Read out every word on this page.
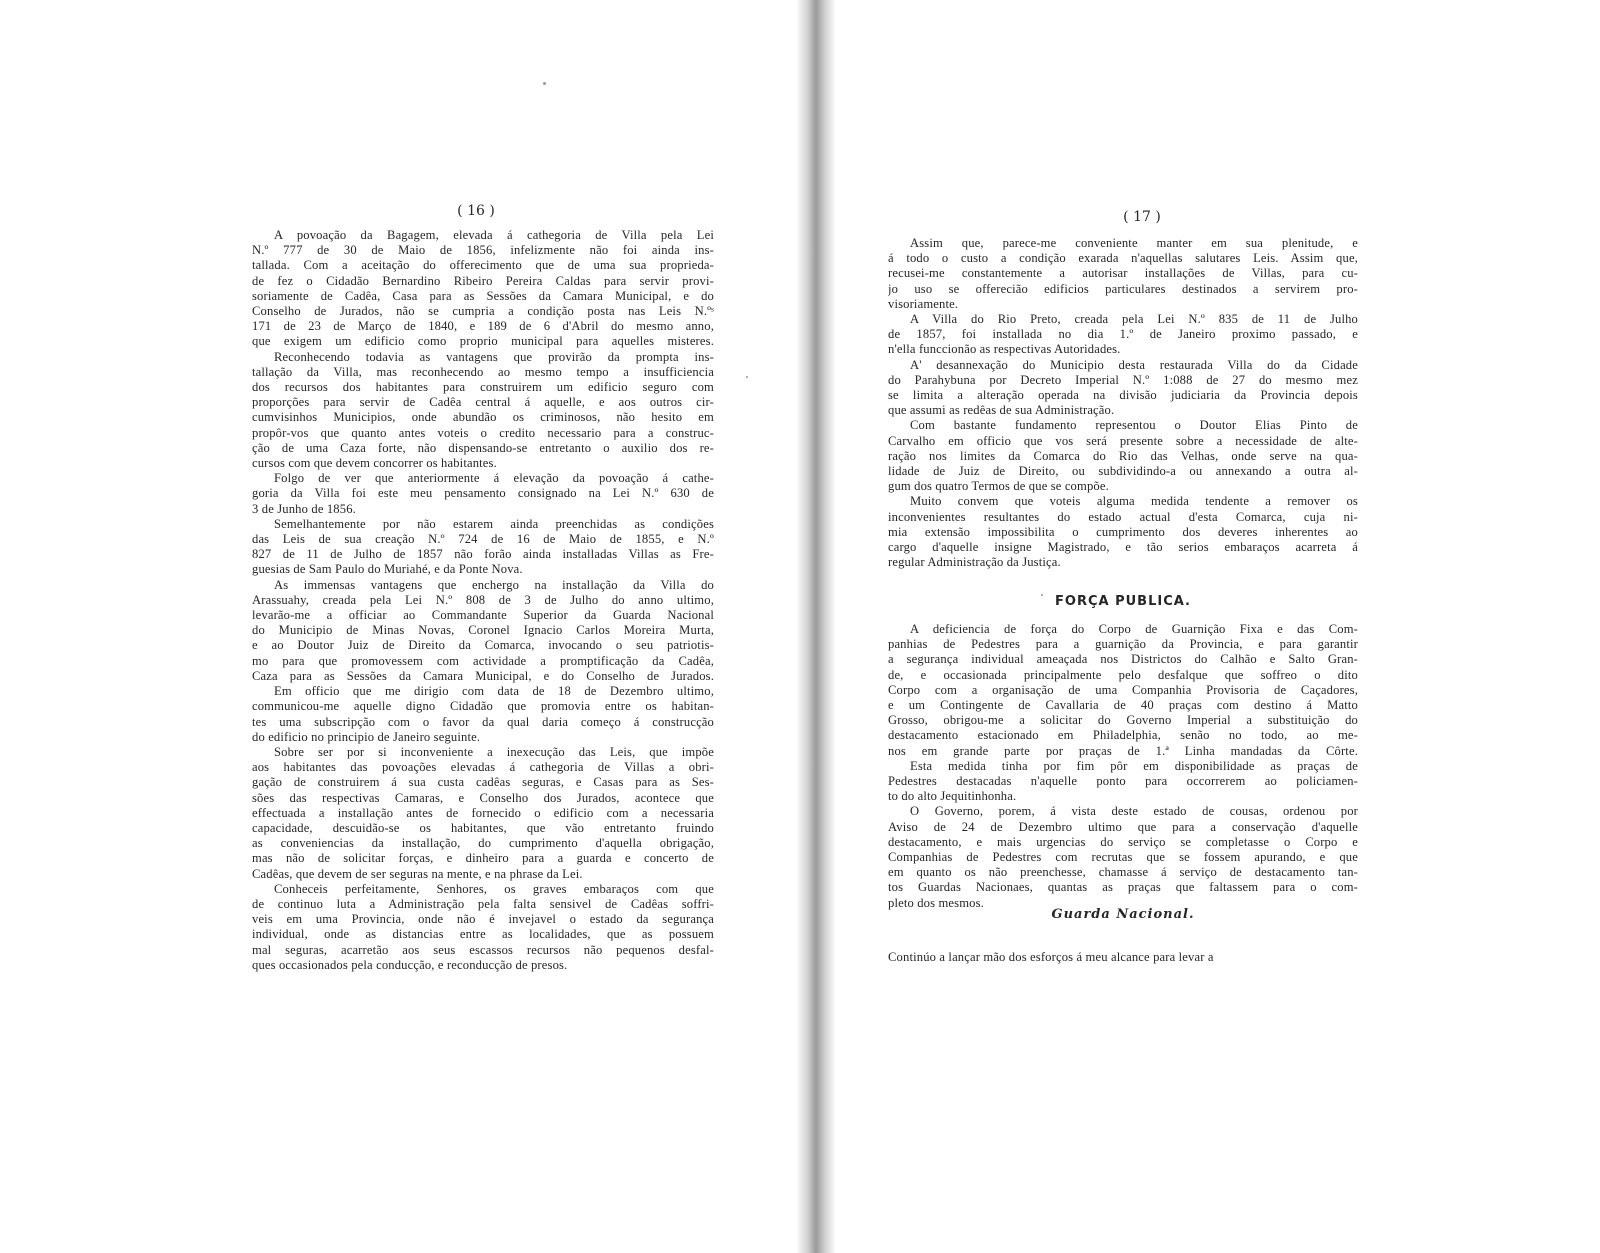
( 16 )
A povoação da Bagagem, elevada á cathegoria de Villa pela Lei
N.º 777 de 30 de Maio de 1856, infelizmente não foi ainda ins-
tallada. Com a aceitação do offerecimento que de uma sua proprieda-
de fez o Cidadão Bernardino Ribeiro Pereira Caldas para servir provi-
soriamente de Cadêa, Casa para as Sessões da Camara Municipal, e do
Conselho de Jurados, não se cumpria a condição posta nas Leis N.ºˢ
171 de 23 de Março de 1840, e 189 de 6 d'Abril do mesmo anno,
que exigem um edificio como proprio municipal para aquelles misteres.
Reconhecendo todavia as vantagens que provirão da prompta ins-
tallação da Villa, mas reconhecendo ao mesmo tempo a insufficiencia
dos recursos dos habitantes para construirem um edificio seguro com
proporções para servir de Cadêa central á aquelle, e aos outros cir-
cumvisinhos Municipios, onde abundão os criminosos, não hesito em
propôr-vos que quanto antes voteis o credito necessario para a construc-
ção de uma Caza forte, não dispensando-se entretanto o auxilio dos re-
cursos com que devem concorrer os habitantes.
Folgo de ver que anteriormente á elevação da povoação á cathe-
goria da Villa foi este meu pensamento consignado na Lei N.º 630 de
3 de Junho de 1856.
Semelhantemente por não estarem ainda preenchidas as condições
das Leis de sua creação N.º 724 de 16 de Maio de 1855, e N.º
827 de 11 de Julho de 1857 não forão ainda installadas Villas as Fre-
guesias de Sam Paulo do Muriahé, e da Ponte Nova.
As immensas vantagens que enchergo na installação da Villa do
Arassuahy, creada pela Lei N.º 808 de 3 de Julho do anno ultimo,
levarão-me a officiar ao Commandante Superior da Guarda Nacional
do Municipio de Minas Novas, Coronel Ignacio Carlos Moreira Murta,
e ao Doutor Juiz de Direito da Comarca, invocando o seu patriotis-
mo para que promovessem com actividade a promptificação da Cadêa,
Caza para as Sessões da Camara Municipal, e do Conselho de Jurados.
Em officio que me dirigio com data de 18 de Dezembro ultimo,
communicou-me aquelle digno Cidadão que promovia entre os habitan-
tes uma subscripção com o favor da qual daria começo á construcção
do edificio no principio de Janeiro seguinte.
Sobre ser por si inconveniente a inexecução das Leis, que impõe
aos habitantes das povoações elevadas á cathegoria de Villas a obri-
gação de construirem á sua custa cadêas seguras, e Casas para as Ses-
sões das respectivas Camaras, e Conselho dos Jurados, acontece que
effectuada a installação antes de fornecido o edificio com a necessaria
capacidade, descuidão-se os habitantes, que vão entretanto fruindo
as conveniencias da installação, do cumprimento d'aquella obrigação,
mas não de solicitar forças, e dinheiro para a guarda e concerto de
Cadêas, que devem de ser seguras na mente, e na phrase da Lei.
Conheceis perfeitamente, Senhores, os graves embaraços com que
de continuo luta a Administração pela falta sensivel de Cadêas soffri-
veis em uma Provincia, onde não é invejavel o estado da segurança
individual, onde as distancias entre as localidades, que as possuem
mal seguras, acarretão aos seus escassos recursos não pequenos desfal-
ques occasionados pela conducção, e reconducção de presos.
( 17 )
Assim que, parece-me conveniente manter em sua plenitude, e
á todo o custo a condição exarada n'aquellas salutares Leis. Assim que,
recusei-me constantemente a autorisar installações de Villas, para cu-
jo uso se offerecião edificios particulares destinados a servirem pro-
visoriamente.
A Villa do Rio Preto, creada pela Lei N.º 835 de 11 de Julho
de 1857, foi installada no dia 1.º de Janeiro proximo passado, e
n'ella funccionão as respectivas Autoridades.
A' desannexação do Municipio desta restaurada Villa do da Cidade
do Parahybuna por Decreto Imperial N.º 1:088 de 27 do mesmo mez
se limita a alteração operada na divisão judiciaria da Provincia depois
que assumi as redêas de sua Administração.
Com bastante fundamento representou o Doutor Elias Pinto de
Carvalho em officio que vos será presente sobre a necessidade de alte-
ração nos limites da Comarca do Rio das Velhas, onde serve na qua-
lidade de Juiz de Direito, ou subdividindo-a ou annexando a outra al-
gum dos quatro Termos de que se compõe.
Muito convem que voteis alguma medida tendente a remover os
inconvenientes resultantes do estado actual d'esta Comarca, cuja ni-
mia extensão impossibilita o cumprimento dos deveres inherentes ao
cargo d'aquelle insigne Magistrado, e tão serios embaraços acarreta á
regular Administração da Justiça.
FORÇA PUBLICA.
A deficiencia de força do Corpo de Guarnição Fixa e das Com-
panhias de Pedestres para a guarnição da Provincia, e para garantir
a segurança individual ameaçada nos Districtos do Calhão e Salto Gran-
de, e occasionada principalmente pelo desfalque que soffreo o dito
Corpo com a organisação de uma Companhia Provisoria de Caçadores,
e um Contingente de Cavallaria de 40 praças com destino á Matto
Grosso, obrigou-me a solicitar do Governo Imperial a substituição do
destacamento estacionado em Philadelphia, senão no todo, ao me-
nos em grande parte por praças de 1.ª Linha mandadas da Côrte.
Esta medida tinha por fim pôr em disponibilidade as praças de
Pedestres destacadas n'aquelle ponto para occorrerem ao policiamen-
to do alto Jequitinhonha.
O Governo, porem, á vista deste estado de cousas, ordenou por
Aviso de 24 de Dezembro ultimo que para a conservação d'aquelle
destacamento, e mais urgencias do serviço se completasse o Corpo e
Companhias de Pedestres com recrutas que se fossem apurando, e que
em quanto os não preenchesse, chamasse á serviço de destacamento tan-
tos Guardas Nacionaes, quantas as praças que faltassem para o com-
pleto dos mesmos.
Guarda Nacional.
Continúo a lançar mão dos esforços á meu alcance para levar a
